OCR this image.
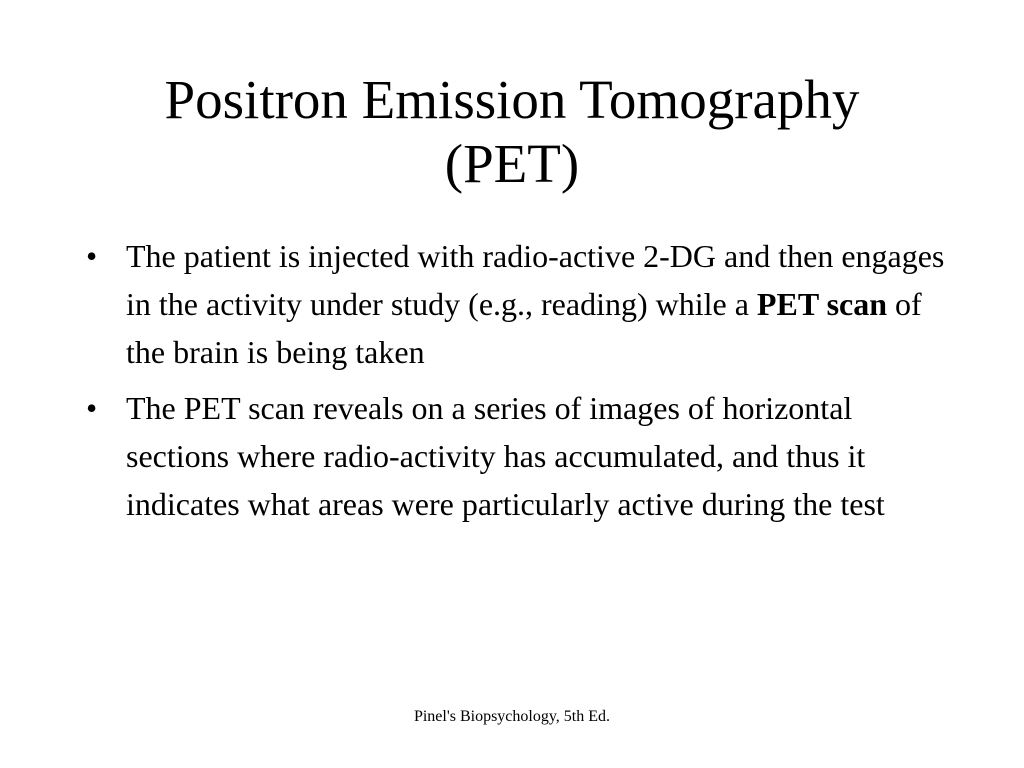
Positron Emission Tomography
(PET)
• The patient is injected with radio-active 2-DG and then engages in the activity under study (e.g., reading) while a PET scan of the brain is being taken
• The PET scan reveals on a series of images of horizontal sections where radio-activity has accumulated, and thus it indicates what areas were particularly active during the test
Pinel's Biopsychology, 5th Ed.
